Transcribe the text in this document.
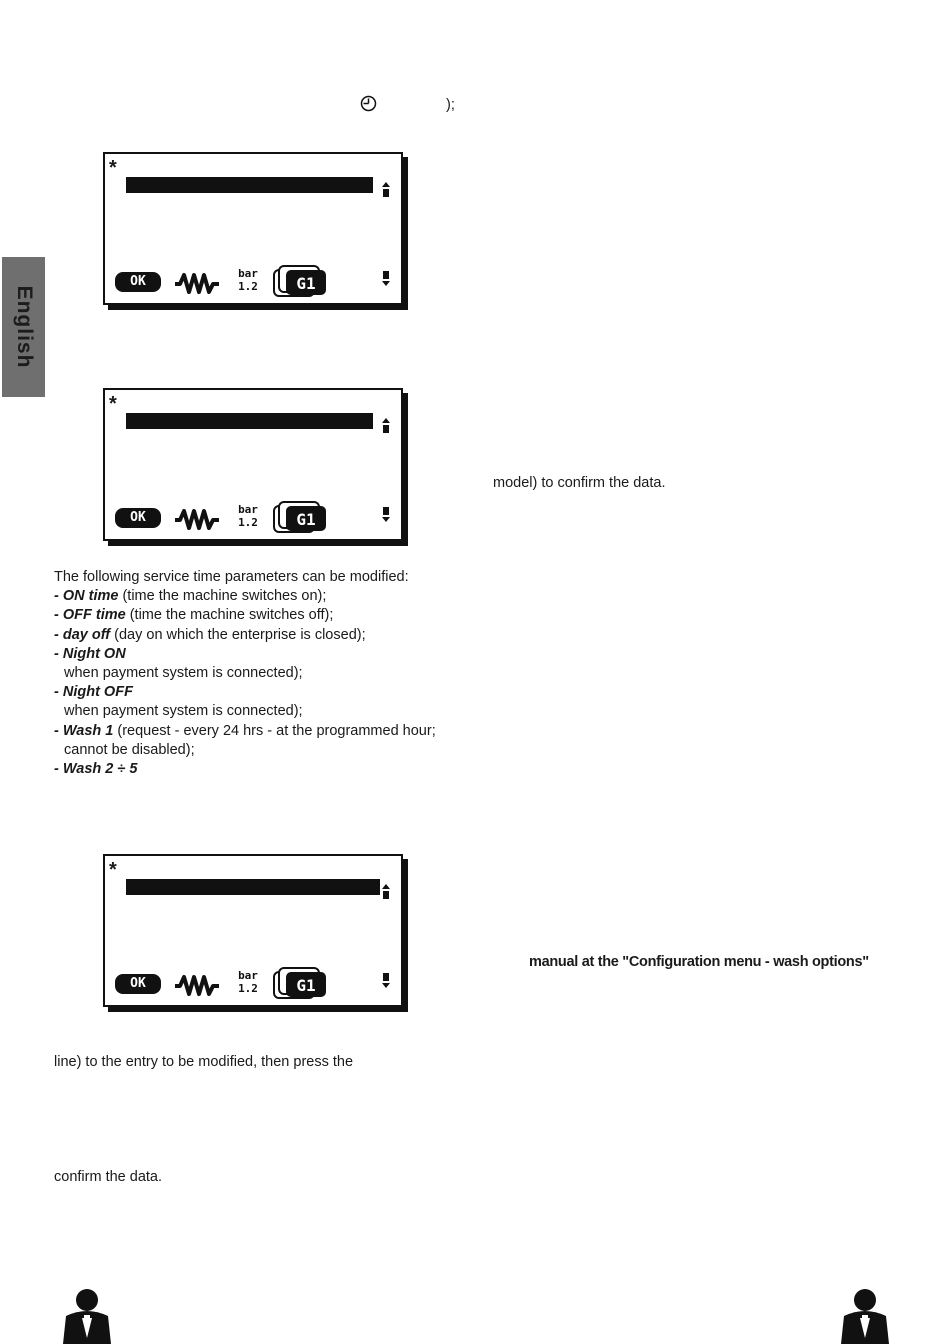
English
);
*
OK
bar
1.2	G1
*
OK
bar
1.2	G1
model) to confirm the data.
The following service time parameters can be modified:
- ON time (time the machine switches on);
- OFF time (time the machine switches off);
- day off (day on which the enterprise is closed);
- Night ON
when payment system is connected);
- Night OFF
when payment system is connected);
- Wash 1 (request - every 24 hrs - at the programmed hour;
cannot be disabled);
- Wash 2 ÷ 5
*
OK
bar
1.2	G1
manual at the "Configuration menu - wash options"
line) to the entry to be modified, then press the
confirm the data.
